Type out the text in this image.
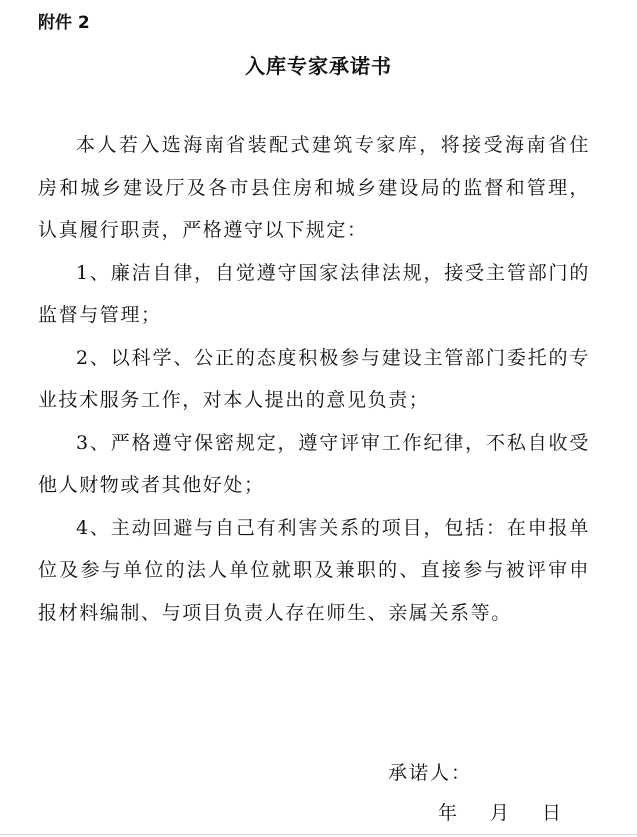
附件 2
入库专家承诺书

本人若入选海南省装配式建筑专家库，将接受海南省住房和城乡建设厅及各市县住房和城乡建设局的监督和管理，认真履行职责，严格遵守以下规定：

1、廉洁自律，自觉遵守国家法律法规，接受主管部门的监督与管理；

2、以科学、公正的态度积极参与建设主管部门委托的专业技术服务工作，对本人提出的意见负责；

3、严格遵守保密规定，遵守评审工作纪律，不私自收受他人财物或者其他好处；

4、主动回避与自己有利害关系的项目，包括：在申报单位及参与单位的法人单位就职及兼职的、直接参与被评审申报材料编制、与项目负责人存在师生、亲属关系等。

承诺人：
年 月 日
